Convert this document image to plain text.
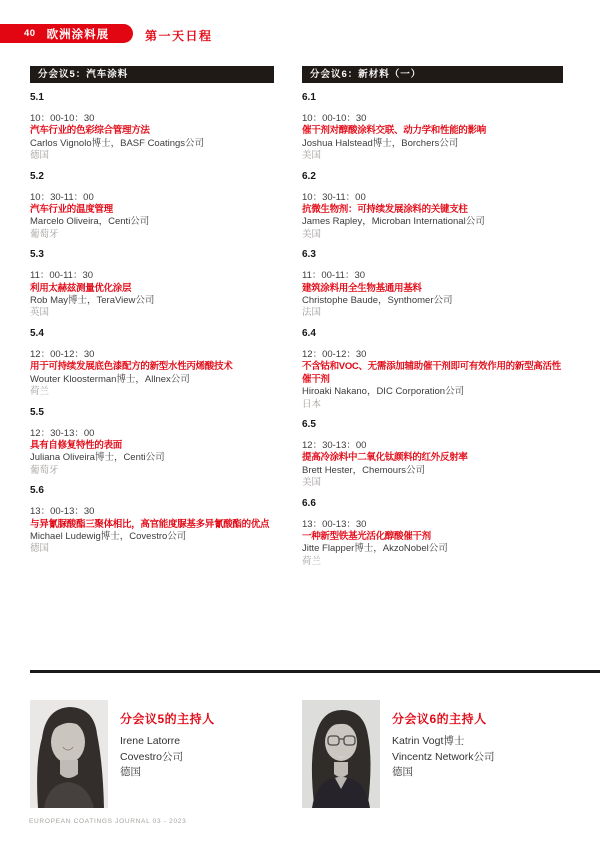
40 欧洲涂料展	第一天日程
分会议5：汽车涂料
5.1
10：00-10：30
汽车行业的色彩综合管理方法
Carlos Vignolo博士，BASF Coatings公司
德国
5.2
10：30-11：00
汽车行业的温度管理
Marcelo Oliveira，Centi公司
葡萄牙
5.3
11：00-11：30
利用太赫兹测量优化涂层
Rob May博士，TeraView公司
英国
5.4
12：00-12：30
用于可持续发展底色漆配方的新型水性丙烯酸技术
Wouter Kloosterman博士，Allnex公司
荷兰
5.5
12：30-13：00
具有自修复特性的表面
Juliana Oliveira博士，Centi公司
葡萄牙
5.6
13：00-13：30
与异氰脲酸酯三聚体相比，高官能度脲基多异氰酸酯的优点
Michael Ludewig博士，Covestro公司
德国
分会议6：新材料（一）
6.1
10：00-10：30
催干剂对醇酸涂料交联、动力学和性能的影响
Joshua Halstead博士，Borchers公司
美国
6.2
10：30-11：00
抗微生物剂：可持续发展涂料的关键支柱
James Rapley，Microban International公司
美国
6.3
11：00-11：30
建筑涂料用全生物基通用基料
Christophe Baude，Synthomer公司
法国
6.4
12：00-12：30
不含钴和VOC、无需添加辅助催干剂即可有效作用的新型高活性催干剂
Hiroaki Nakano，DIC Corporation公司
日本
6.5
12：30-13：00
提高冷涂料中二氧化钛颜料的红外反射率
Brett Hester，Chemours公司
美国
6.6
13：00-13：30
一种新型铁基光活化醇酸催干剂
Jitte Flapper博士，AkzoNobel公司
荷兰
分会议5的主持人
Irene Latorre
Covestro公司
德国
分会议6的主持人
Katrin Vogt博士
Vincentz Network公司
德国
EUROPEAN COATINGS JOURNAL 03 - 2023
